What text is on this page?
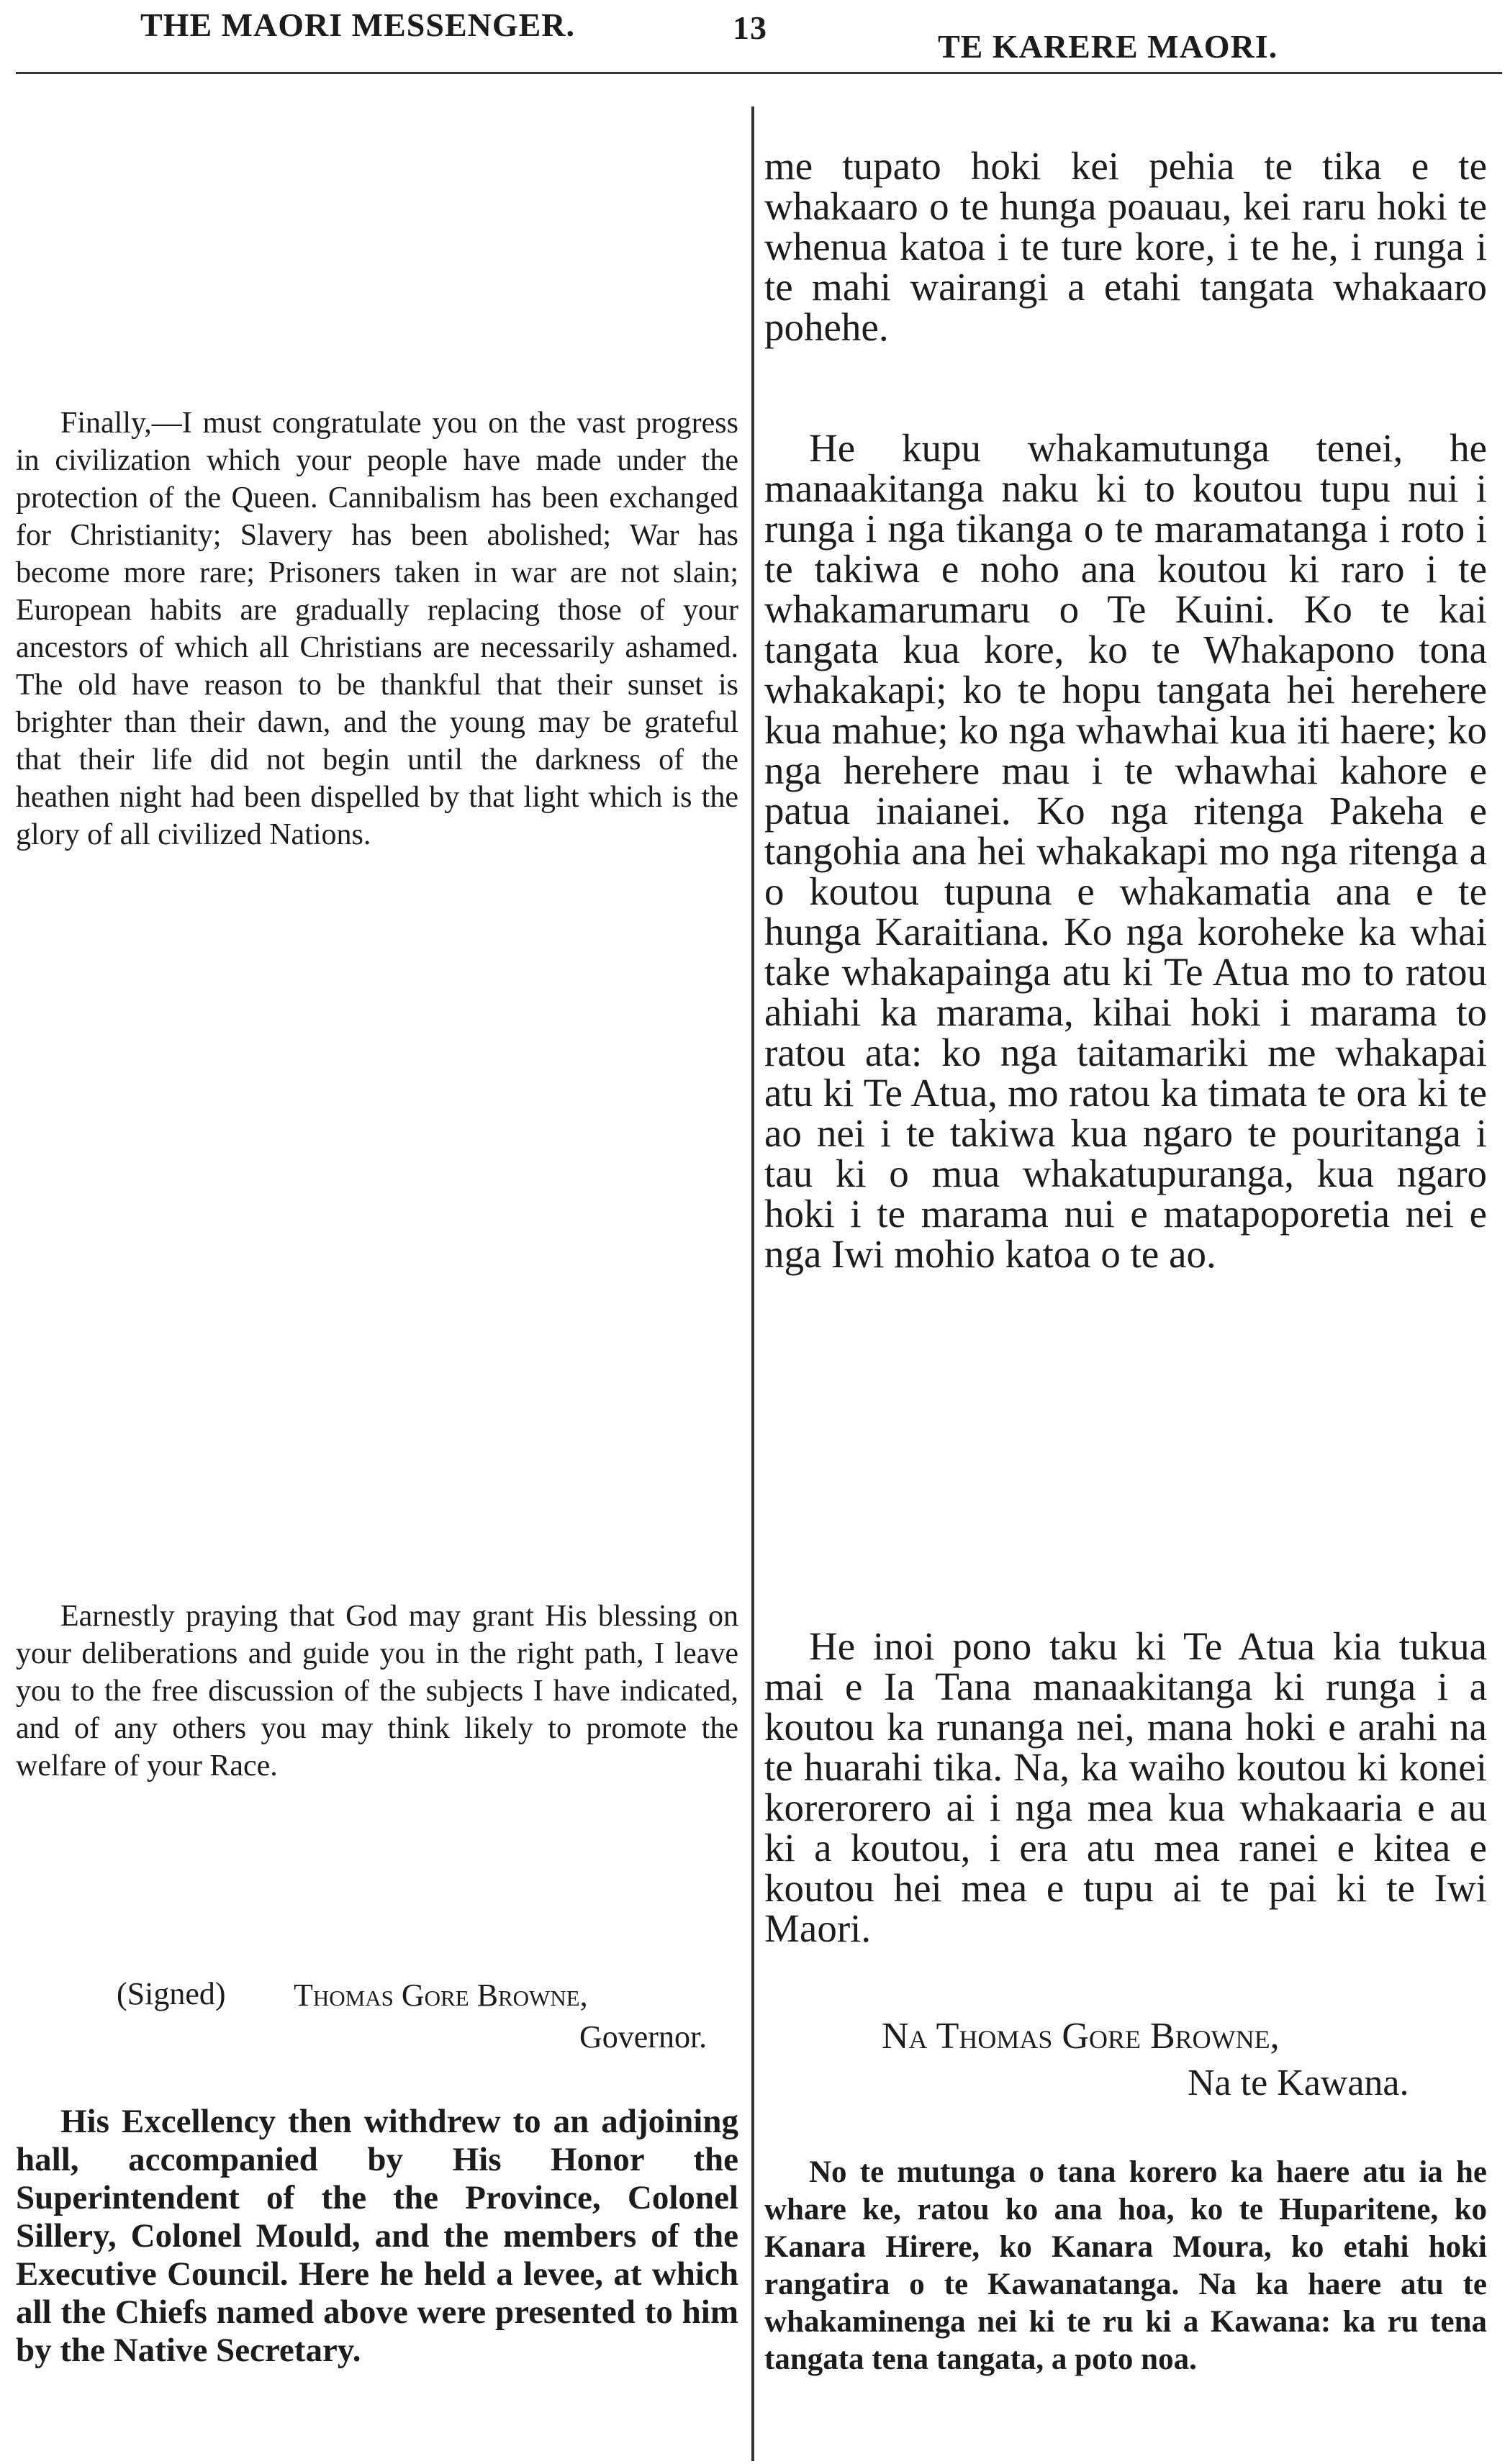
THE MAORI MESSENGER.	13
TE KARERE MAORI.

Finally,—I must congratulate you on the vast progress in civilization which your people have made under the protection of the Queen. Cannibalism has been exchanged for Christianity; Slavery has been abolished; War has become more rare; Prisoners taken in war are not slain; European habits are gradually replacing those of your ancestors of which all Christians are necessarily ashamed. The old have reason to be thankful that their sunset is brighter than their dawn, and the young may be grateful that their life did not begin until the darkness of the heathen night had been dispelled by that light which is the glory of all civilized Nations.

Earnestly praying that God may grant His blessing on your deliberations and guide you in the right path, I leave you to the free discussion of the subjects I have indicated, and of any others you may think likely to promote the welfare of your Race.

(Signed) Thomas Gore Browne,
Governor.

His Excellency then withdrew to an adjoining hall, accompanied by His Honor the Superintendent of the the Province, Colonel Sillery, Colonel Mould, and the members of the Executive Council. Here he held a levee, at which all the Chiefs named above were presented to him by the Native Secretary.

me tupato hoki kei pehia te tika e te whakaaro o te hunga poauau, kei raru hoki te whenua katoa i te ture kore, i te he, i runga i te mahi wairangi a etahi tangata whakaaro pohehe.

He kupu whakamutunga tenei, he manaakitanga naku ki to koutou tupu nui i runga i nga tikanga o te maramatanga i roto i te takiwa e noho ana koutou ki raro i te whakamarumaru o Te Kuini. Ko te kai tangata kua kore, ko te Whakapono tona whakakapi; ko te hopu tangata hei herehere kua mahue; ko nga whawhai kua iti haere; ko nga herehere mau i te whawhai kahore e patua inaianei. Ko nga ritenga Pakeha e tangohia ana hei whakakapi mo nga ritenga a o koutou tupuna e whakamatia ana e te hunga Karaitiana. Ko nga koroheke ka whai take whakapainga atu ki Te Atua mo to ratou ahiahi ka marama, kihai hoki i marama to ratou ata: ko nga taitamariki me whakapai atu ki Te Atua, mo ratou ka timata te ora ki te ao nei i te takiwa kua ngaro te pouritanga i tau ki o mua whakatupuranga, kua ngaro hoki i te marama nui e matapoporetia nei e nga Iwi mohio katoa o te ao.

He inoi pono taku ki Te Atua kia tukua mai e Ia Tana manaakitanga ki runga i a koutou ka runanga nei, mana hoki e arahi na te huarahi tika. Na, ka waiho koutou ki konei korerorero ai i nga mea kua whakaaria e au ki a koutou, i era atu mea ranei e kitea e koutou hei mea e tupu ai te pai ki te Iwi Maori.

Na Thomas Gore Browne,
Na te Kawana.

No te mutunga o tana korero ka haere atu ia he whare ke, ratou ko ana hoa, ko te Huparitene, ko Kanara Hirere, ko Kanara Moura, ko etahi hoki rangatira o te Kawanatanga. Na ka haere atu te whakaminenga nei ki te ru ki a Kawana: ka ru tena tangata tena tangata, a poto noa.
